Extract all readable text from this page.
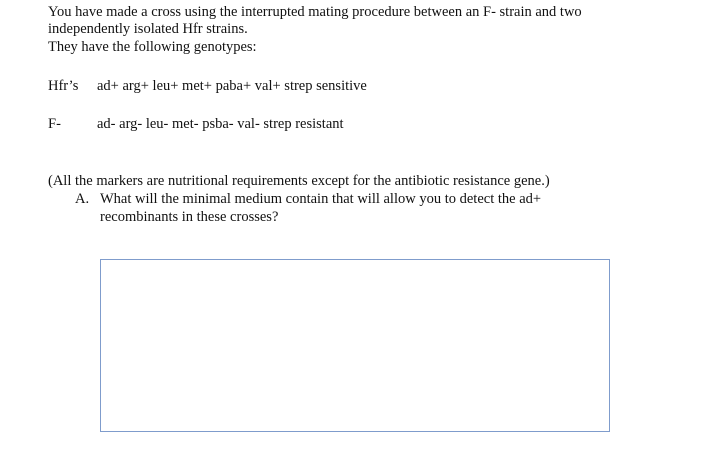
You have made a cross using the interrupted mating procedure between an F- strain and two
independently isolated Hfr strains.
They have the following genotypes:
Hfr’s ad+ arg+ leu+ met+ paba+ val+ strep sensitive
F- ad- arg- leu- met- psba- val- strep resistant
(All the markers are nutritional requirements except for the antibiotic resistance gene.)
A. What will the minimal medium contain that will allow you to detect the ad+
recombinants in these crosses?
